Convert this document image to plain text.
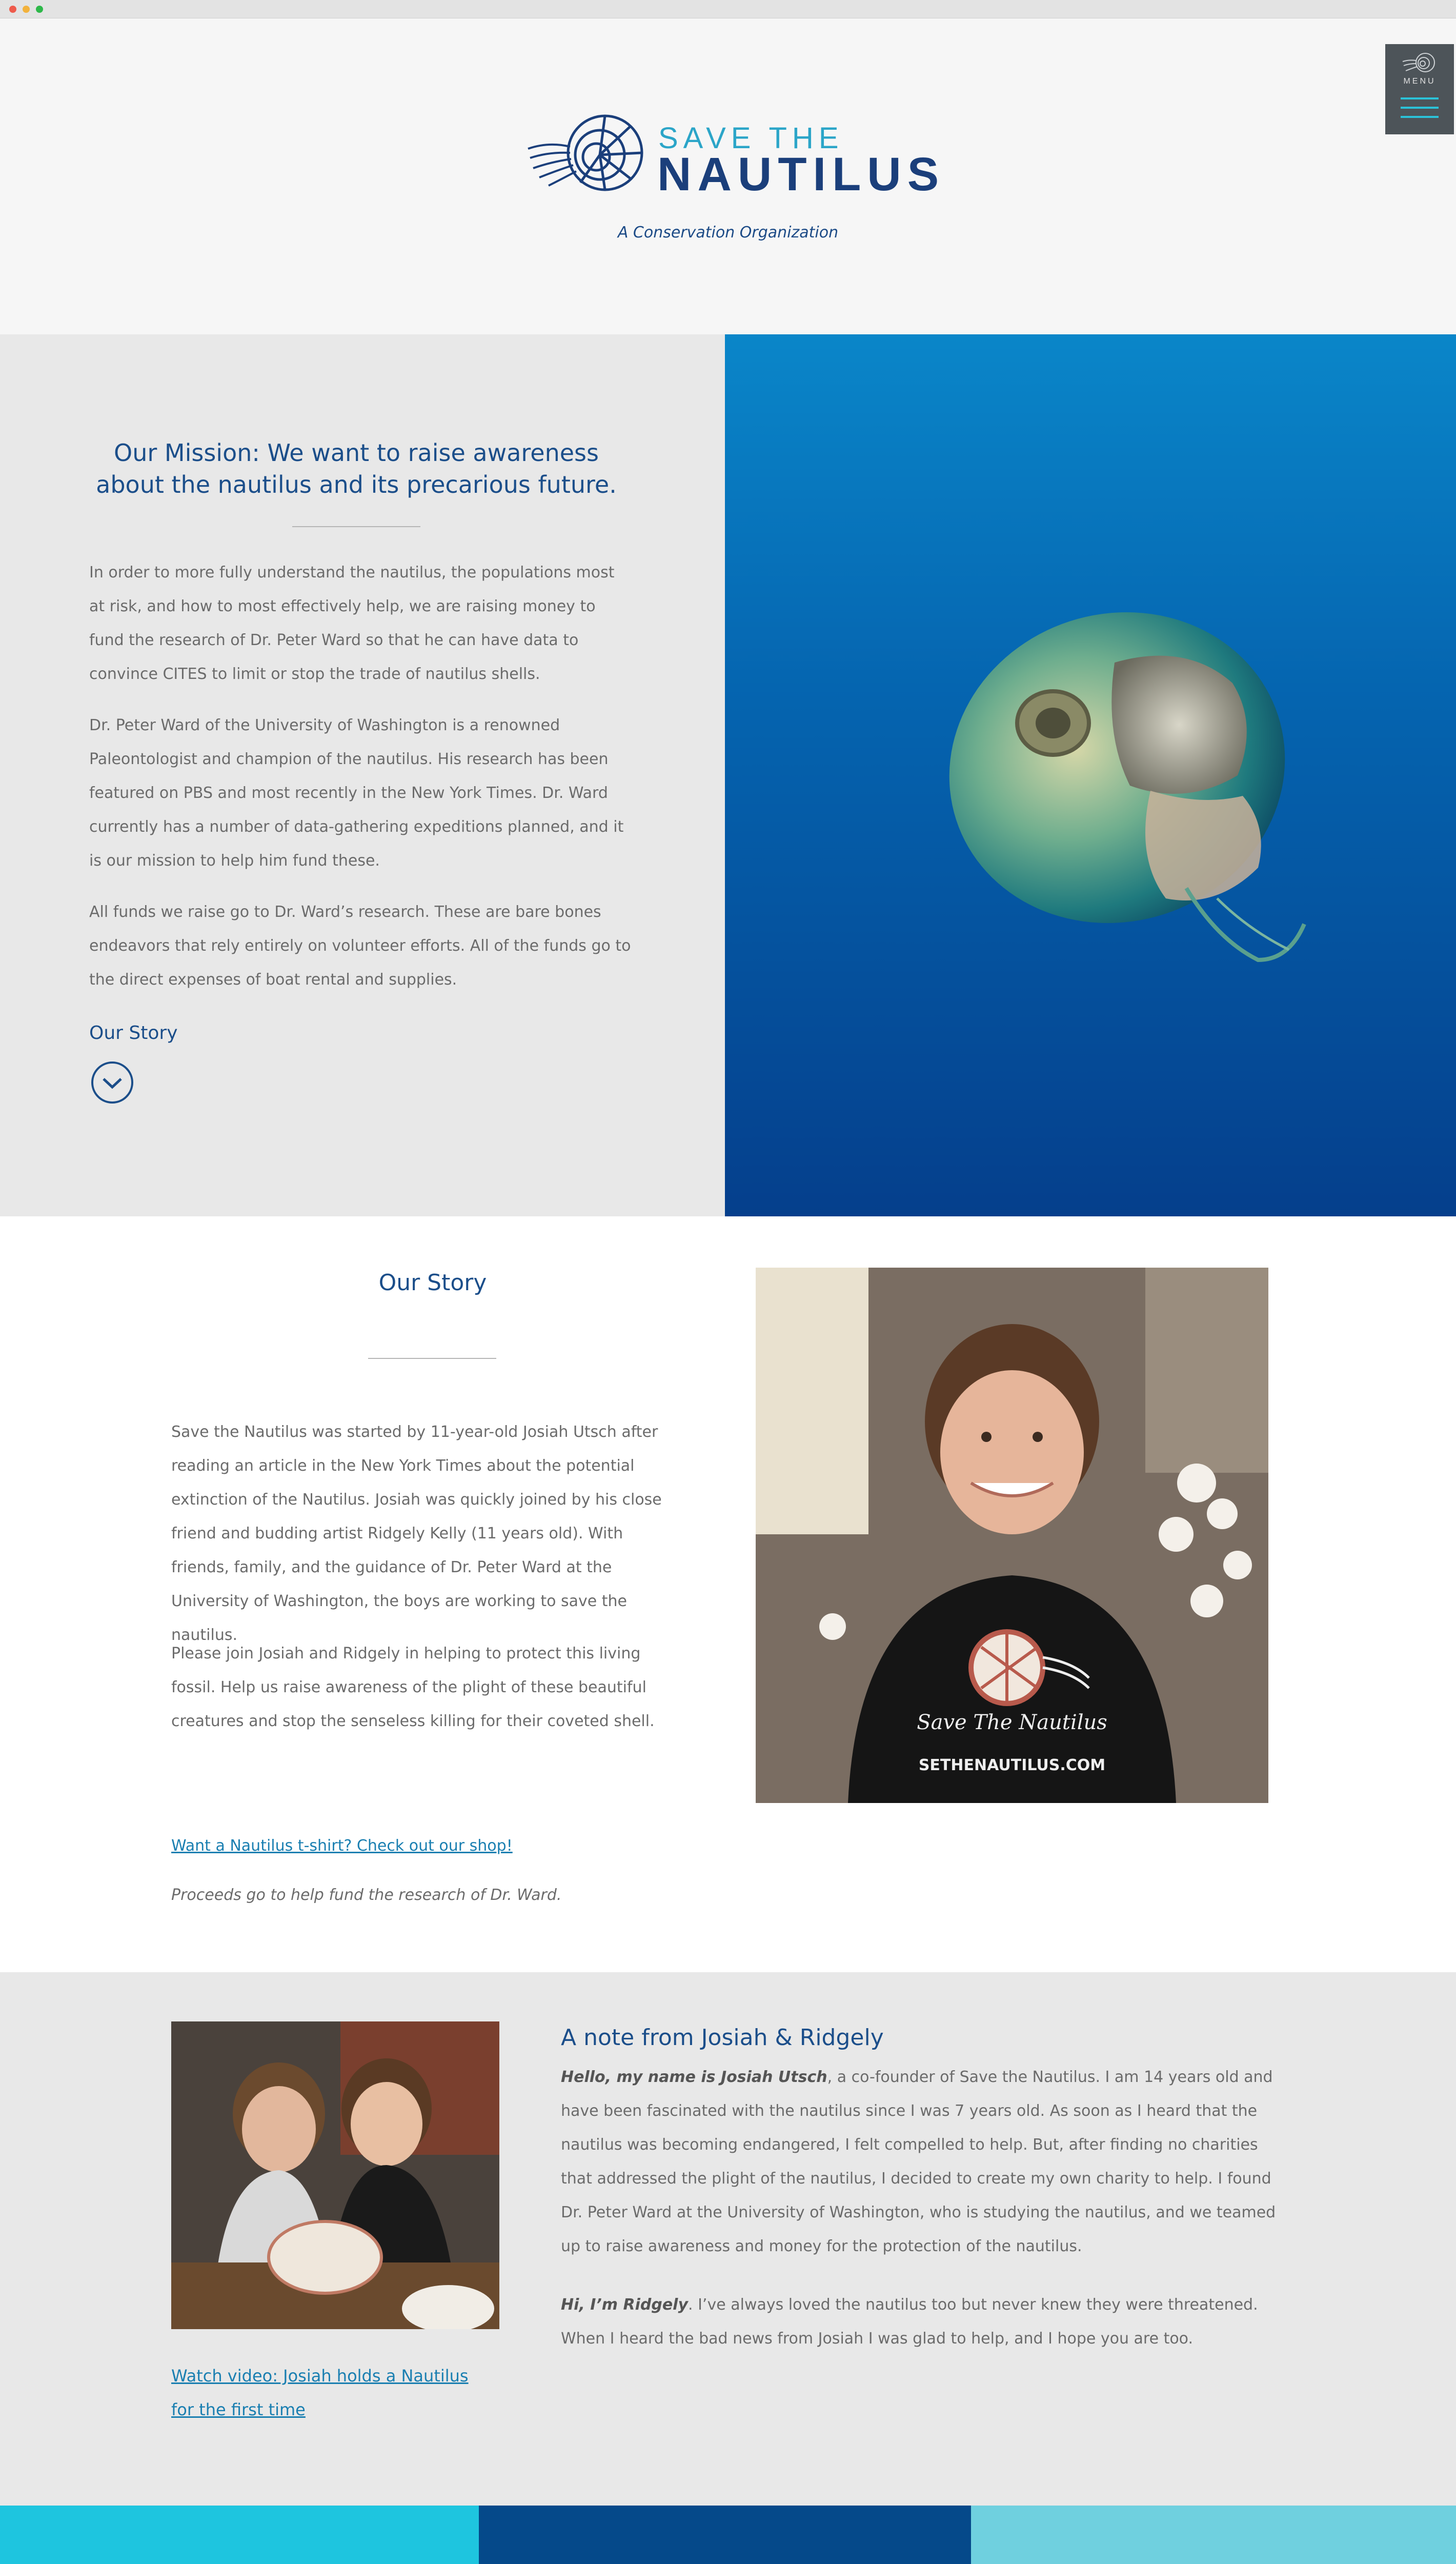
SAVE THE
NAUTILUS
A Conservation Organization
MENU
Our Mission: We want to raise awareness about the nautilus and its precarious future.

In order to more fully understand the nautilus, the populations most at risk, and how to most effectively help, we are raising money to fund the research of Dr. Peter Ward so that he can have data to convince CITES to limit or stop the trade of nautilus shells.

Dr. Peter Ward of the University of Washington is a renowned Paleontologist and champion of the nautilus. His research has been featured on PBS and most recently in the New York Times. Dr. Ward currently has a number of data-gathering expeditions planned, and it is our mission to help him fund these.

All funds we raise go to Dr. Ward’s research. These are bare bones endeavors that rely entirely on volunteer efforts. All of the funds go to the direct expenses of boat rental and supplies.

Our Story
Our Story

Save the Nautilus was started by 11-year-old Josiah Utsch after reading an article in the New York Times about the potential extinction of the Nautilus. Josiah was quickly joined by his close friend and budding artist Ridgely Kelly (11 years old). With friends, family, and the guidance of Dr. Peter Ward at the University of Washington, the boys are working to save the nautilus.

Please join Josiah and Ridgely in helping to protect this living fossil. Help us raise awareness of the plight of these beautiful creatures and stop the senseless killing for their coveted shell.

Want a Nautilus t-shirt? Check out our shop!

Proceeds go to help fund the research of Dr. Ward.

Save The Nautilus
SETHENAUTILUS.COM
Watch video: Josiah holds a Nautilus for the first time
A note from Josiah & Ridgely

Hello, my name is Josiah Utsch, a co-founder of Save the Nautilus. I am 14 years old and have been fascinated with the nautilus since I was 7 years old. As soon as I heard that the nautilus was becoming endangered, I felt compelled to help. But, after finding no charities that addressed the plight of the nautilus, I decided to create my own charity to help. I found Dr. Peter Ward at the University of Washington, who is studying the nautilus, and we teamed up to raise awareness and money for the protection of the nautilus.

Hi, I’m Ridgely. I’ve always loved the nautilus too but never knew they were threatened. When I heard the bad news from Josiah I was glad to help, and I hope you are too.
